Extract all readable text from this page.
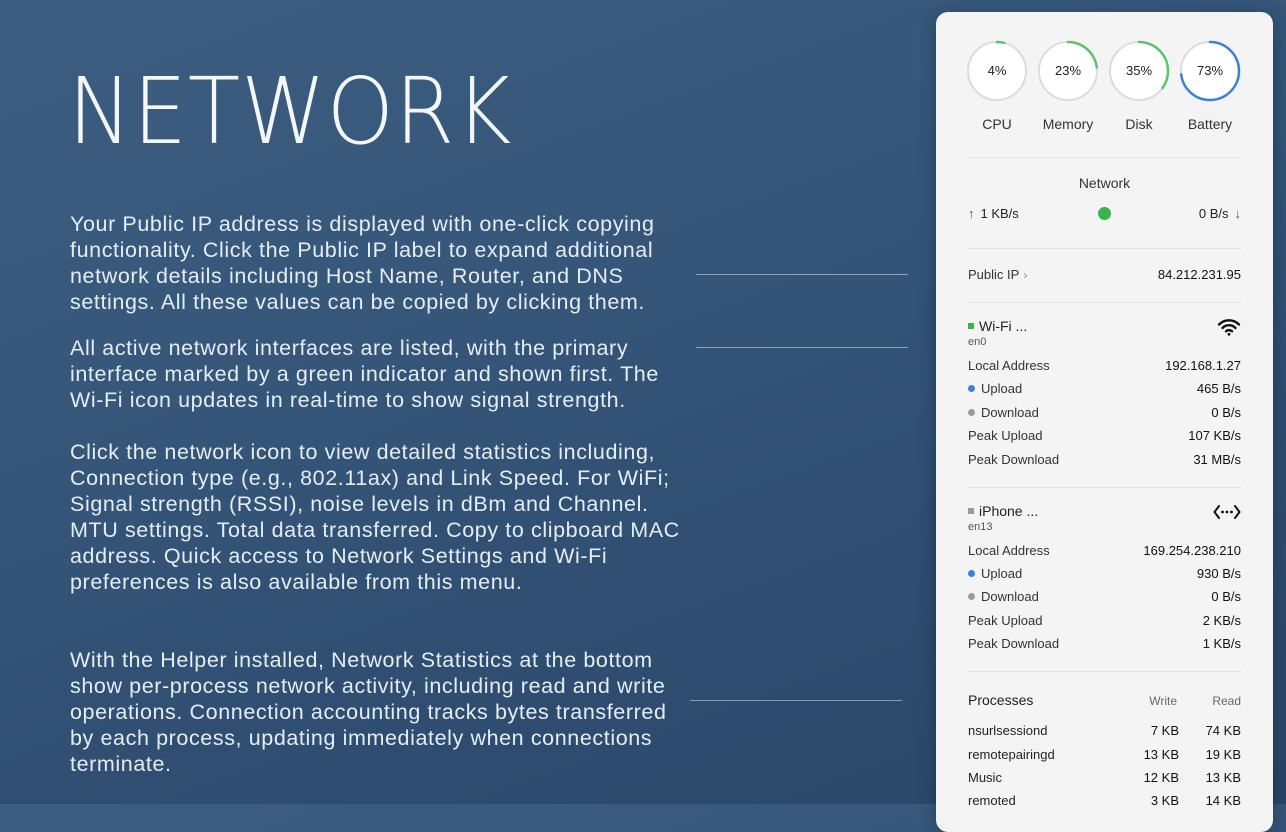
NETWORK

Your Public IP address is displayed with one-click copying functionality. Click the Public IP label to expand additional network details including Host Name, Router, and DNS settings. All these values can be copied by clicking them.

All active network interfaces are listed, with the primary interface marked by a green indicator and shown first. The Wi-Fi icon updates in real-time to show signal strength.

Click the network icon to view detailed statistics including, Connection type (e.g., 802.11ax) and Link Speed. For WiFi; Signal strength (RSSI), noise levels in dBm and Channel. MTU settings. Total data transferred. Copy to clipboard MAC address. Quick access to Network Settings and Wi-Fi preferences is also available from this menu.

With the Helper installed, Network Statistics at the bottom show per-process network activity, including read and write operations. Connection accounting tracks bytes transferred by each process, updating immediately when connections terminate.

4%
CPU
23%
Memory
35%
Disk
73%
Battery
Network
↑ 1 KB/s	0 B/s ↓
Public IP ›	84.212.231.95
Wi-Fi ...
en0
Local Address	192.168.1.27
Upload	465 B/s
Download	0 B/s
Peak Upload	107 KB/s
Peak Download	31 MB/s
iPhone ...
en13
Local Address	169.254.238.210
Upload	930 B/s
Download	0 B/s
Peak Upload	2 KB/s
Peak Download	1 KB/s
Processes	Write	Read
nsurlsessiond	7 KB 74 KB
remotepairingd	13 KB 19 KB
Music	12 KB 13 KB
remoted	3 KB 14 KB
